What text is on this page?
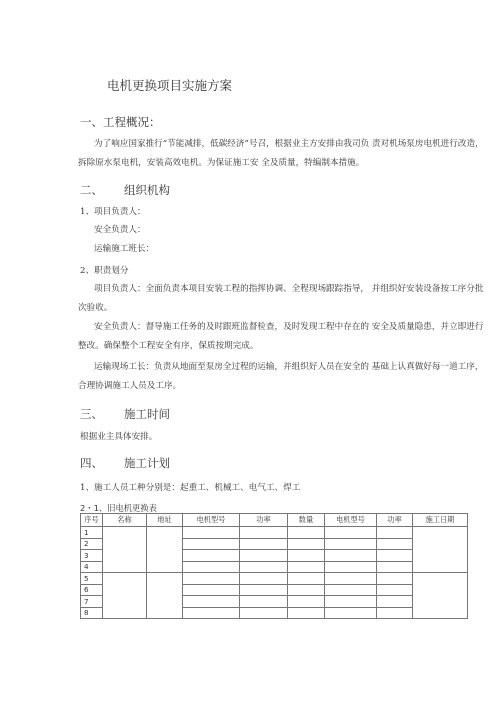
电机更换项目实施方案
一、工程概况：
为了响应国家推行“节能减排，低碳经济”号召，根据业主方安排由我司负 责对机场泵房电机进行改造，拆除原水泵电机，安装高效电机。为保证施工安 全及质量，特编制本措施。
二、 组织机构
1、项目负责人：
安全负责人：
运输施工班长：
2、职责划分
项目负责人：全面负责本项目安装工程的指挥协调、全程现场跟踪指导， 并组织好安装设备按工序分批次验收。
安全负责人：督导施工任务的及时跟班监督检查，及时发现工程中存在的 安全及质量隐患，并立即进行整改。确保整个工程安全有序，保质按期完成。
运输现场工长：负责从地面至泵房全过程的运输，并组织好人员在安全的 基础上认真做好每一道工序，合理协调施工人员及工序。
三、 施工时间
根据业主具体安排。
四、 施工计划
1、施工人员工种分别是：起重工、机械工、电气工、焊工
2・1、旧电机更换表
序号	名称	地址	电机型号	功率	数量	电机型号	功率	施工日期
1								
2								
3								
4								
5								
6								
7								
8								
